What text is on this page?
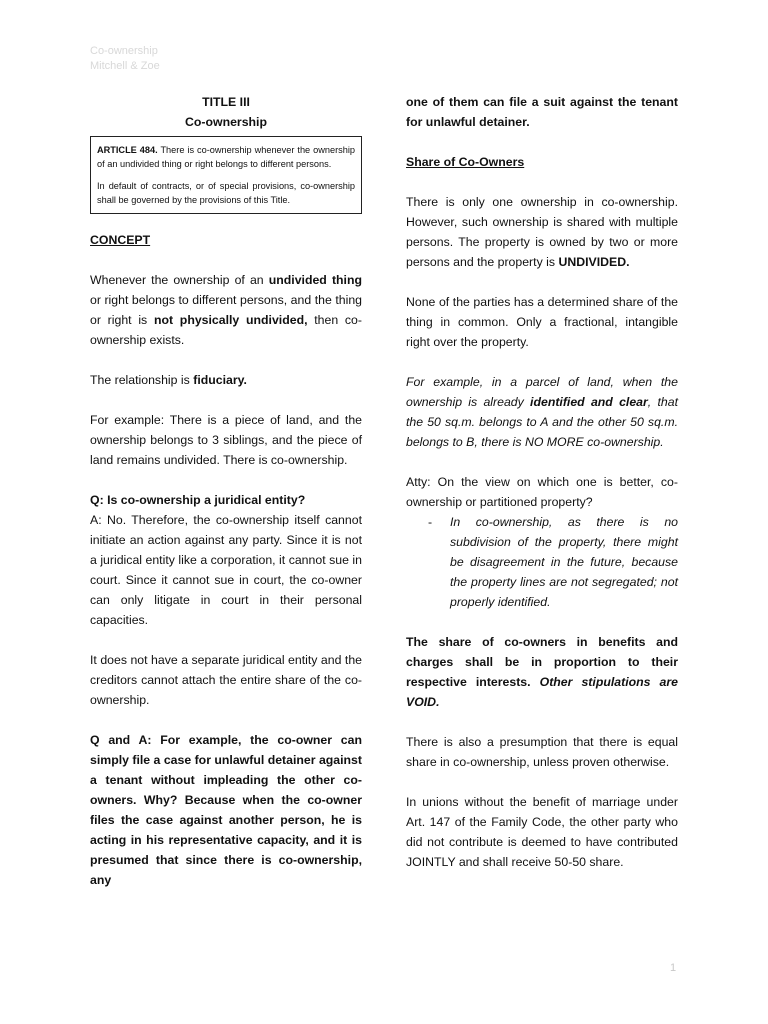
Co-ownership
Mitchell & Zoe
TITLE III
Co-ownership

ARTICLE 484. There is co-ownership whenever the ownership of an undivided thing or right belongs to different persons.

In default of contracts, or of special provisions, co-ownership shall be governed by the provisions of this Title.

CONCEPT

Whenever the ownership of an undivided thing or right belongs to different persons, and the thing or right is not physically undivided, then co-ownership exists.

The relationship is fiduciary.

For example: There is a piece of land, and the ownership belongs to 3 siblings, and the piece of land remains undivided. There is co-ownership.

Q: Is co-ownership a juridical entity?

A: No. Therefore, the co-ownership itself cannot initiate an action against any party. Since it is not a juridical entity like a corporation, it cannot sue in court. Since it cannot sue in court, the co-owner can only litigate in court in their personal capacities.

It does not have a separate juridical entity and the creditors cannot attach the entire share of the co-ownership.

Q and A: For example, the co-owner can simply file a case for unlawful detainer against a tenant without impleading the other co-owners. Why? Because when the co-owner files the case against another person, he is acting in his representative capacity, and it is presumed that since there is co-ownership, any

one of them can file a suit against the tenant for unlawful detainer.

Share of Co-Owners

There is only one ownership in co-ownership. However, such ownership is shared with multiple persons. The property is owned by two or more persons and the property is UNDIVIDED.

None of the parties has a determined share of the thing in common. Only a fractional, intangible right over the property.

For example, in a parcel of land, when the ownership is already identified and clear, that the 50 sq.m. belongs to A and the other 50 sq.m. belongs to B, there is NO MORE co-ownership.

Atty: On the view on which one is better, co-ownership or partitioned property?
-	In co-ownership, as there is no subdivision of the property, there might be disagreement in the future, because the property lines are not segregated; not properly identified.

The share of co-owners in benefits and charges shall be in proportion to their respective interests. Other stipulations are VOID.

There is also a presumption that there is equal share in co-ownership, unless proven otherwise.

In unions without the benefit of marriage under Art. 147 of the Family Code, the other party who did not contribute is deemed to have contributed JOINTLY and shall receive 50-50 share.

1
